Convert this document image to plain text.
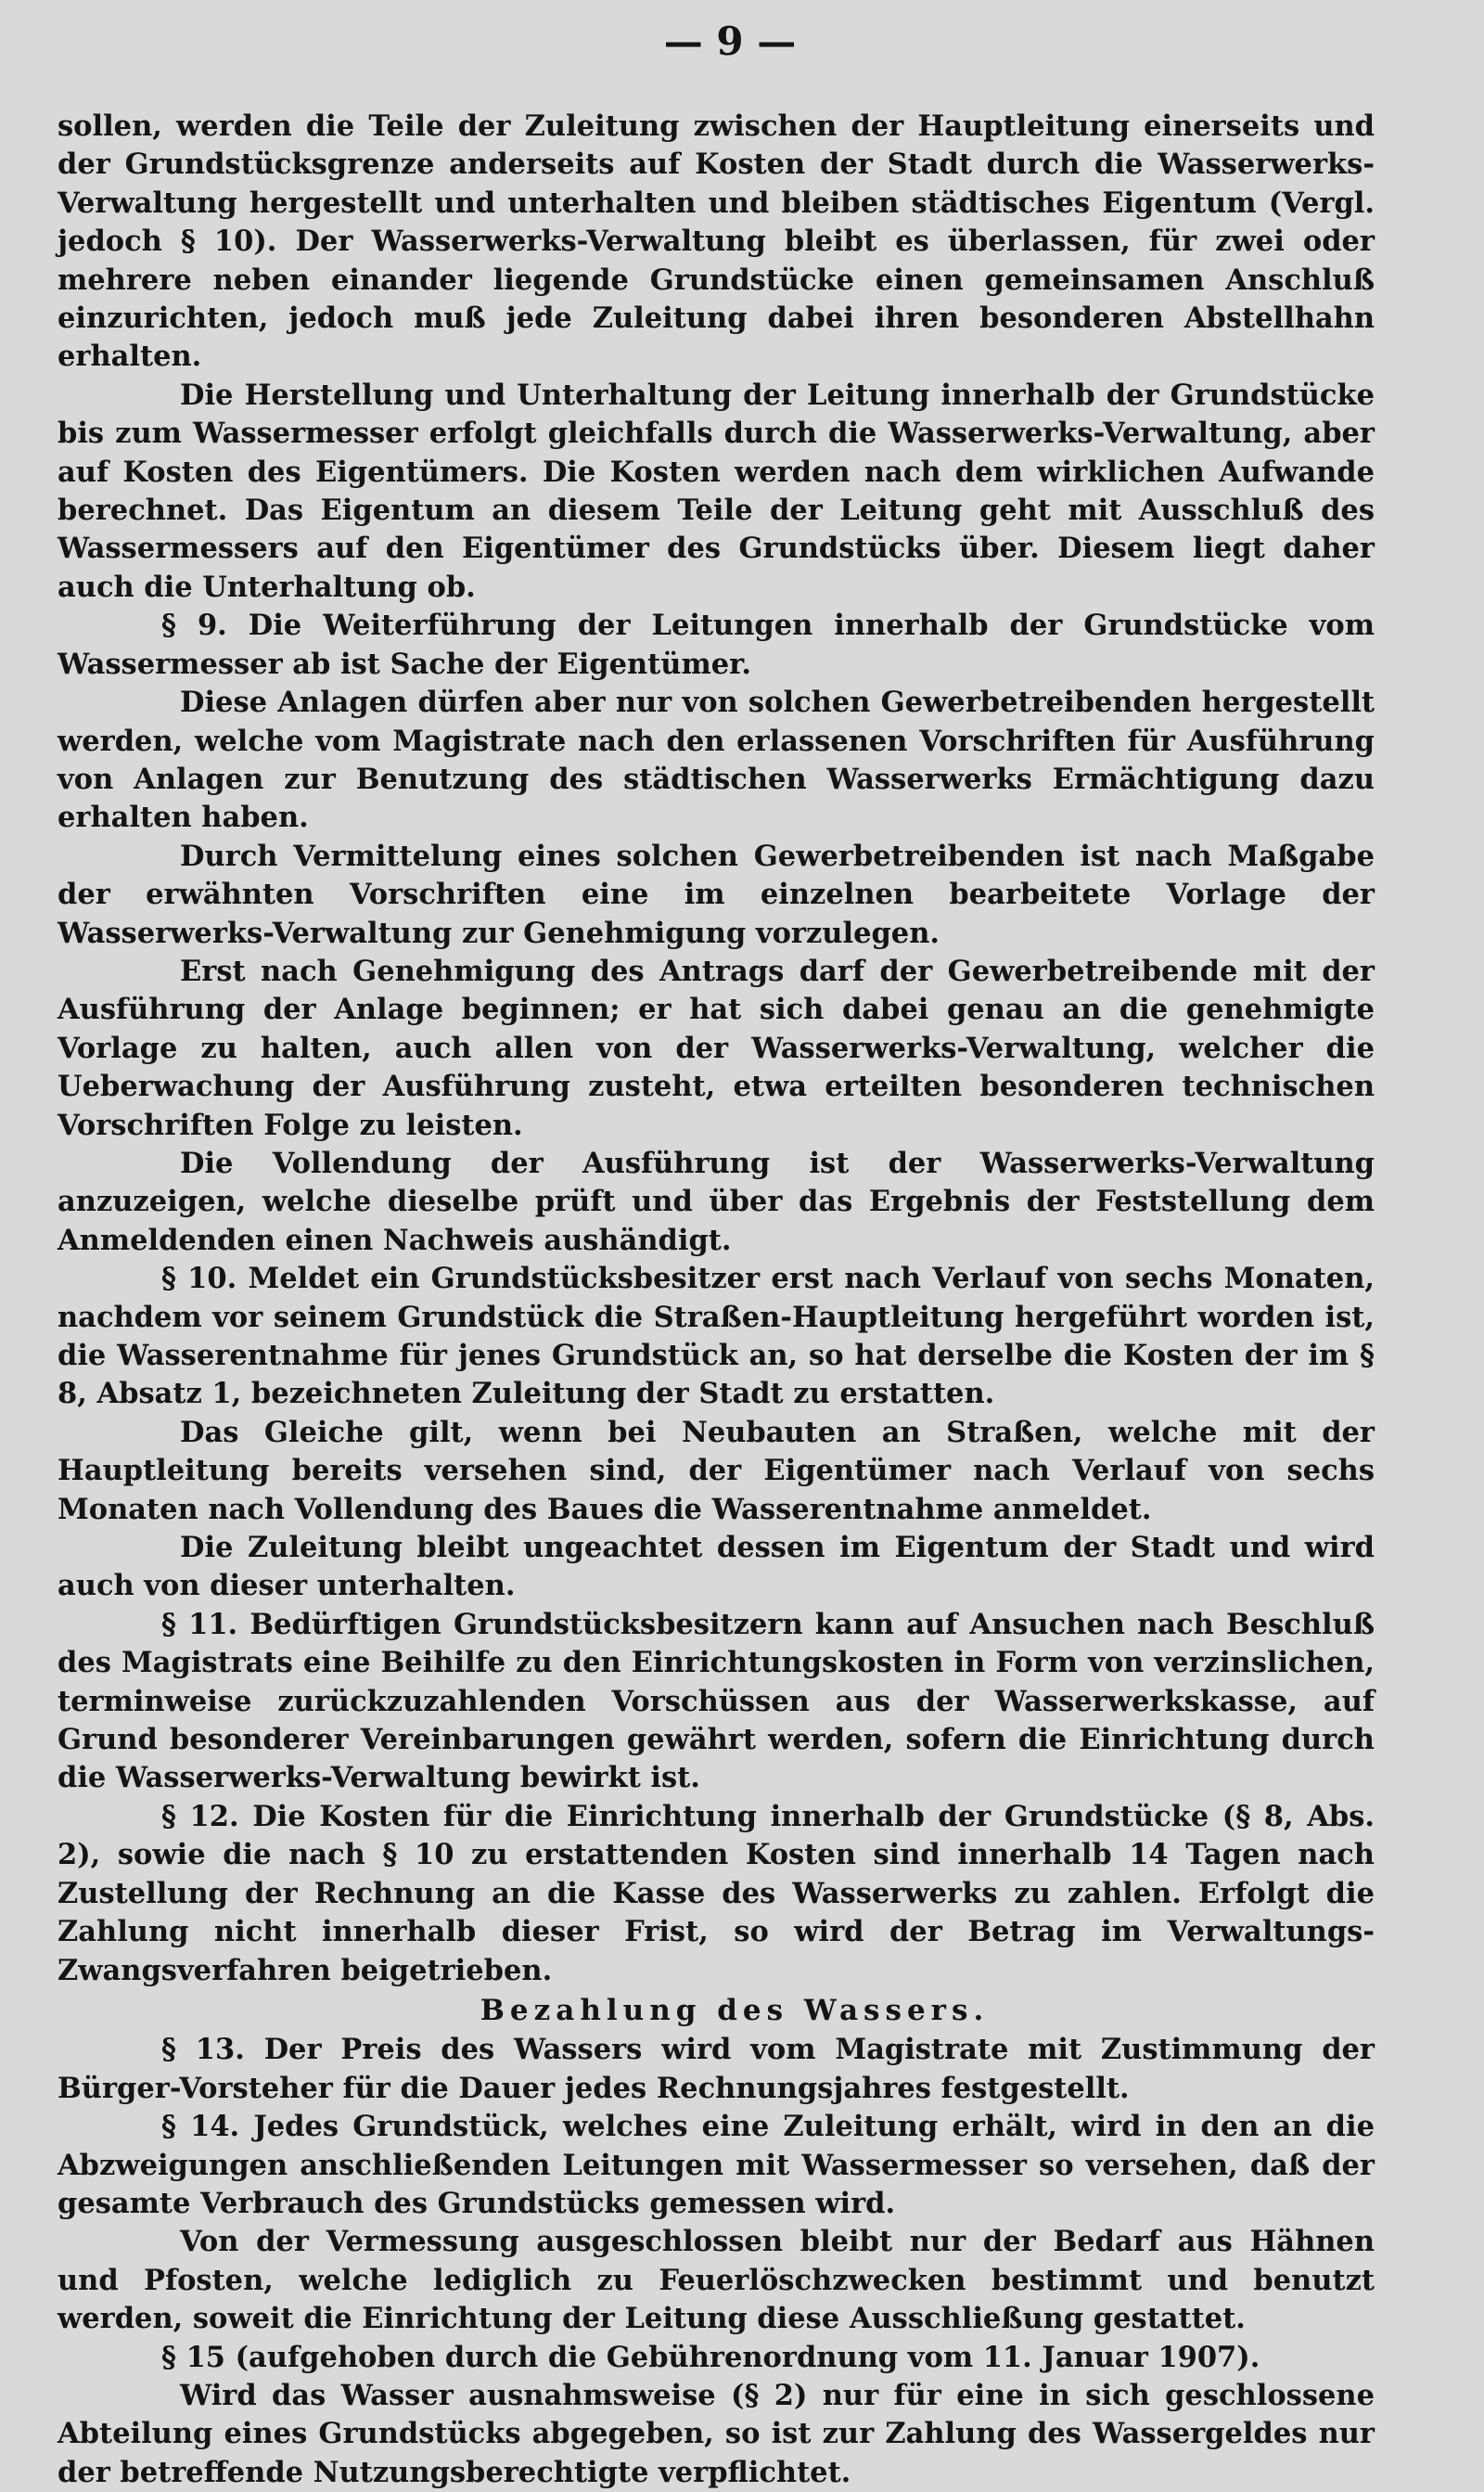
— 9 —

sollen, werden die Teile der Zuleitung zwischen der Hauptleitung einerseits und der Grundstücksgrenze anderseits auf Kosten der Stadt durch die Wasserwerks-Verwaltung hergestellt und unterhalten und bleiben städtisches Eigentum (Vergl. jedoch § 10). Der Wasserwerks-Verwaltung bleibt es überlassen, für zwei oder mehrere neben einander liegende Grundstücke einen gemeinsamen Anschluß einzurichten, jedoch muß jede Zuleitung dabei ihren besonderen Abstellhahn erhalten.

Die Herstellung und Unterhaltung der Leitung innerhalb der Grundstücke bis zum Wassermesser erfolgt gleichfalls durch die Wasserwerks-Verwaltung, aber auf Kosten des Eigentümers. Die Kosten werden nach dem wirklichen Aufwande berechnet. Das Eigentum an diesem Teile der Leitung geht mit Ausschluß des Wassermessers auf den Eigentümer des Grundstücks über. Diesem liegt daher auch die Unterhaltung ob.

§ 9. Die Weiterführung der Leitungen innerhalb der Grundstücke vom Wassermesser ab ist Sache der Eigentümer.

Diese Anlagen dürfen aber nur von solchen Gewerbetreibenden hergestellt werden, welche vom Magistrate nach den erlassenen Vorschriften für Ausführung von Anlagen zur Benutzung des städtischen Wasserwerks Ermächtigung dazu erhalten haben.

Durch Vermittelung eines solchen Gewerbetreibenden ist nach Maßgabe der erwähnten Vorschriften eine im einzelnen bearbeitete Vorlage der Wasserwerks-Verwaltung zur Genehmigung vorzulegen.

Erst nach Genehmigung des Antrags darf der Gewerbetreibende mit der Ausführung der Anlage beginnen; er hat sich dabei genau an die genehmigte Vorlage zu halten, auch allen von der Wasserwerks-Verwaltung, welcher die Ueberwachung der Ausführung zusteht, etwa erteilten besonderen technischen Vorschriften Folge zu leisten.

Die Vollendung der Ausführung ist der Wasserwerks-Verwaltung anzuzeigen, welche dieselbe prüft und über das Ergebnis der Feststellung dem Anmeldenden einen Nachweis aushändigt.

§ 10. Meldet ein Grundstücksbesitzer erst nach Verlauf von sechs Monaten, nachdem vor seinem Grundstück die Straßen-Hauptleitung hergeführt worden ist, die Wasserentnahme für jenes Grundstück an, so hat derselbe die Kosten der im § 8, Absatz 1, bezeichneten Zuleitung der Stadt zu erstatten.

Das Gleiche gilt, wenn bei Neubauten an Straßen, welche mit der Hauptleitung bereits versehen sind, der Eigentümer nach Verlauf von sechs Monaten nach Vollendung des Baues die Wasserentnahme anmeldet.

Die Zuleitung bleibt ungeachtet dessen im Eigentum der Stadt und wird auch von dieser unterhalten.

§ 11. Bedürftigen Grundstücksbesitzern kann auf Ansuchen nach Beschluß des Magistrats eine Beihilfe zu den Einrichtungskosten in Form von verzinslichen, terminweise zurückzuzahlenden Vorschüssen aus der Wasserwerkskasse, auf Grund besonderer Vereinbarungen gewährt werden, sofern die Einrichtung durch die Wasserwerks-Verwaltung bewirkt ist.

§ 12. Die Kosten für die Einrichtung innerhalb der Grundstücke (§ 8, Abs. 2), sowie die nach § 10 zu erstattenden Kosten sind innerhalb 14 Tagen nach Zustellung der Rechnung an die Kasse des Wasserwerks zu zahlen. Erfolgt die Zahlung nicht innerhalb dieser Frist, so wird der Betrag im Verwaltungs-Zwangsverfahren beigetrieben.

Bezahlung des Wassers.

§ 13. Der Preis des Wassers wird vom Magistrate mit Zustimmung der Bürger-Vorsteher für die Dauer jedes Rechnungsjahres festgestellt.

§ 14. Jedes Grundstück, welches eine Zuleitung erhält, wird in den an die Abzweigungen anschließenden Leitungen mit Wassermesser so versehen, daß der gesamte Verbrauch des Grundstücks gemessen wird.

Von der Vermessung ausgeschlossen bleibt nur der Bedarf aus Hähnen und Pfosten, welche lediglich zu Feuerlöschzwecken bestimmt und benutzt werden, soweit die Einrichtung der Leitung diese Ausschließung gestattet.

§ 15 (aufgehoben durch die Gebührenordnung vom 11. Januar 1907).

Wird das Wasser ausnahmsweise (§ 2) nur für eine in sich geschlossene Abteilung eines Grundstücks abgegeben, so ist zur Zahlung des Wassergeldes nur der betreffende Nutzungsberechtigte verpflichtet.
